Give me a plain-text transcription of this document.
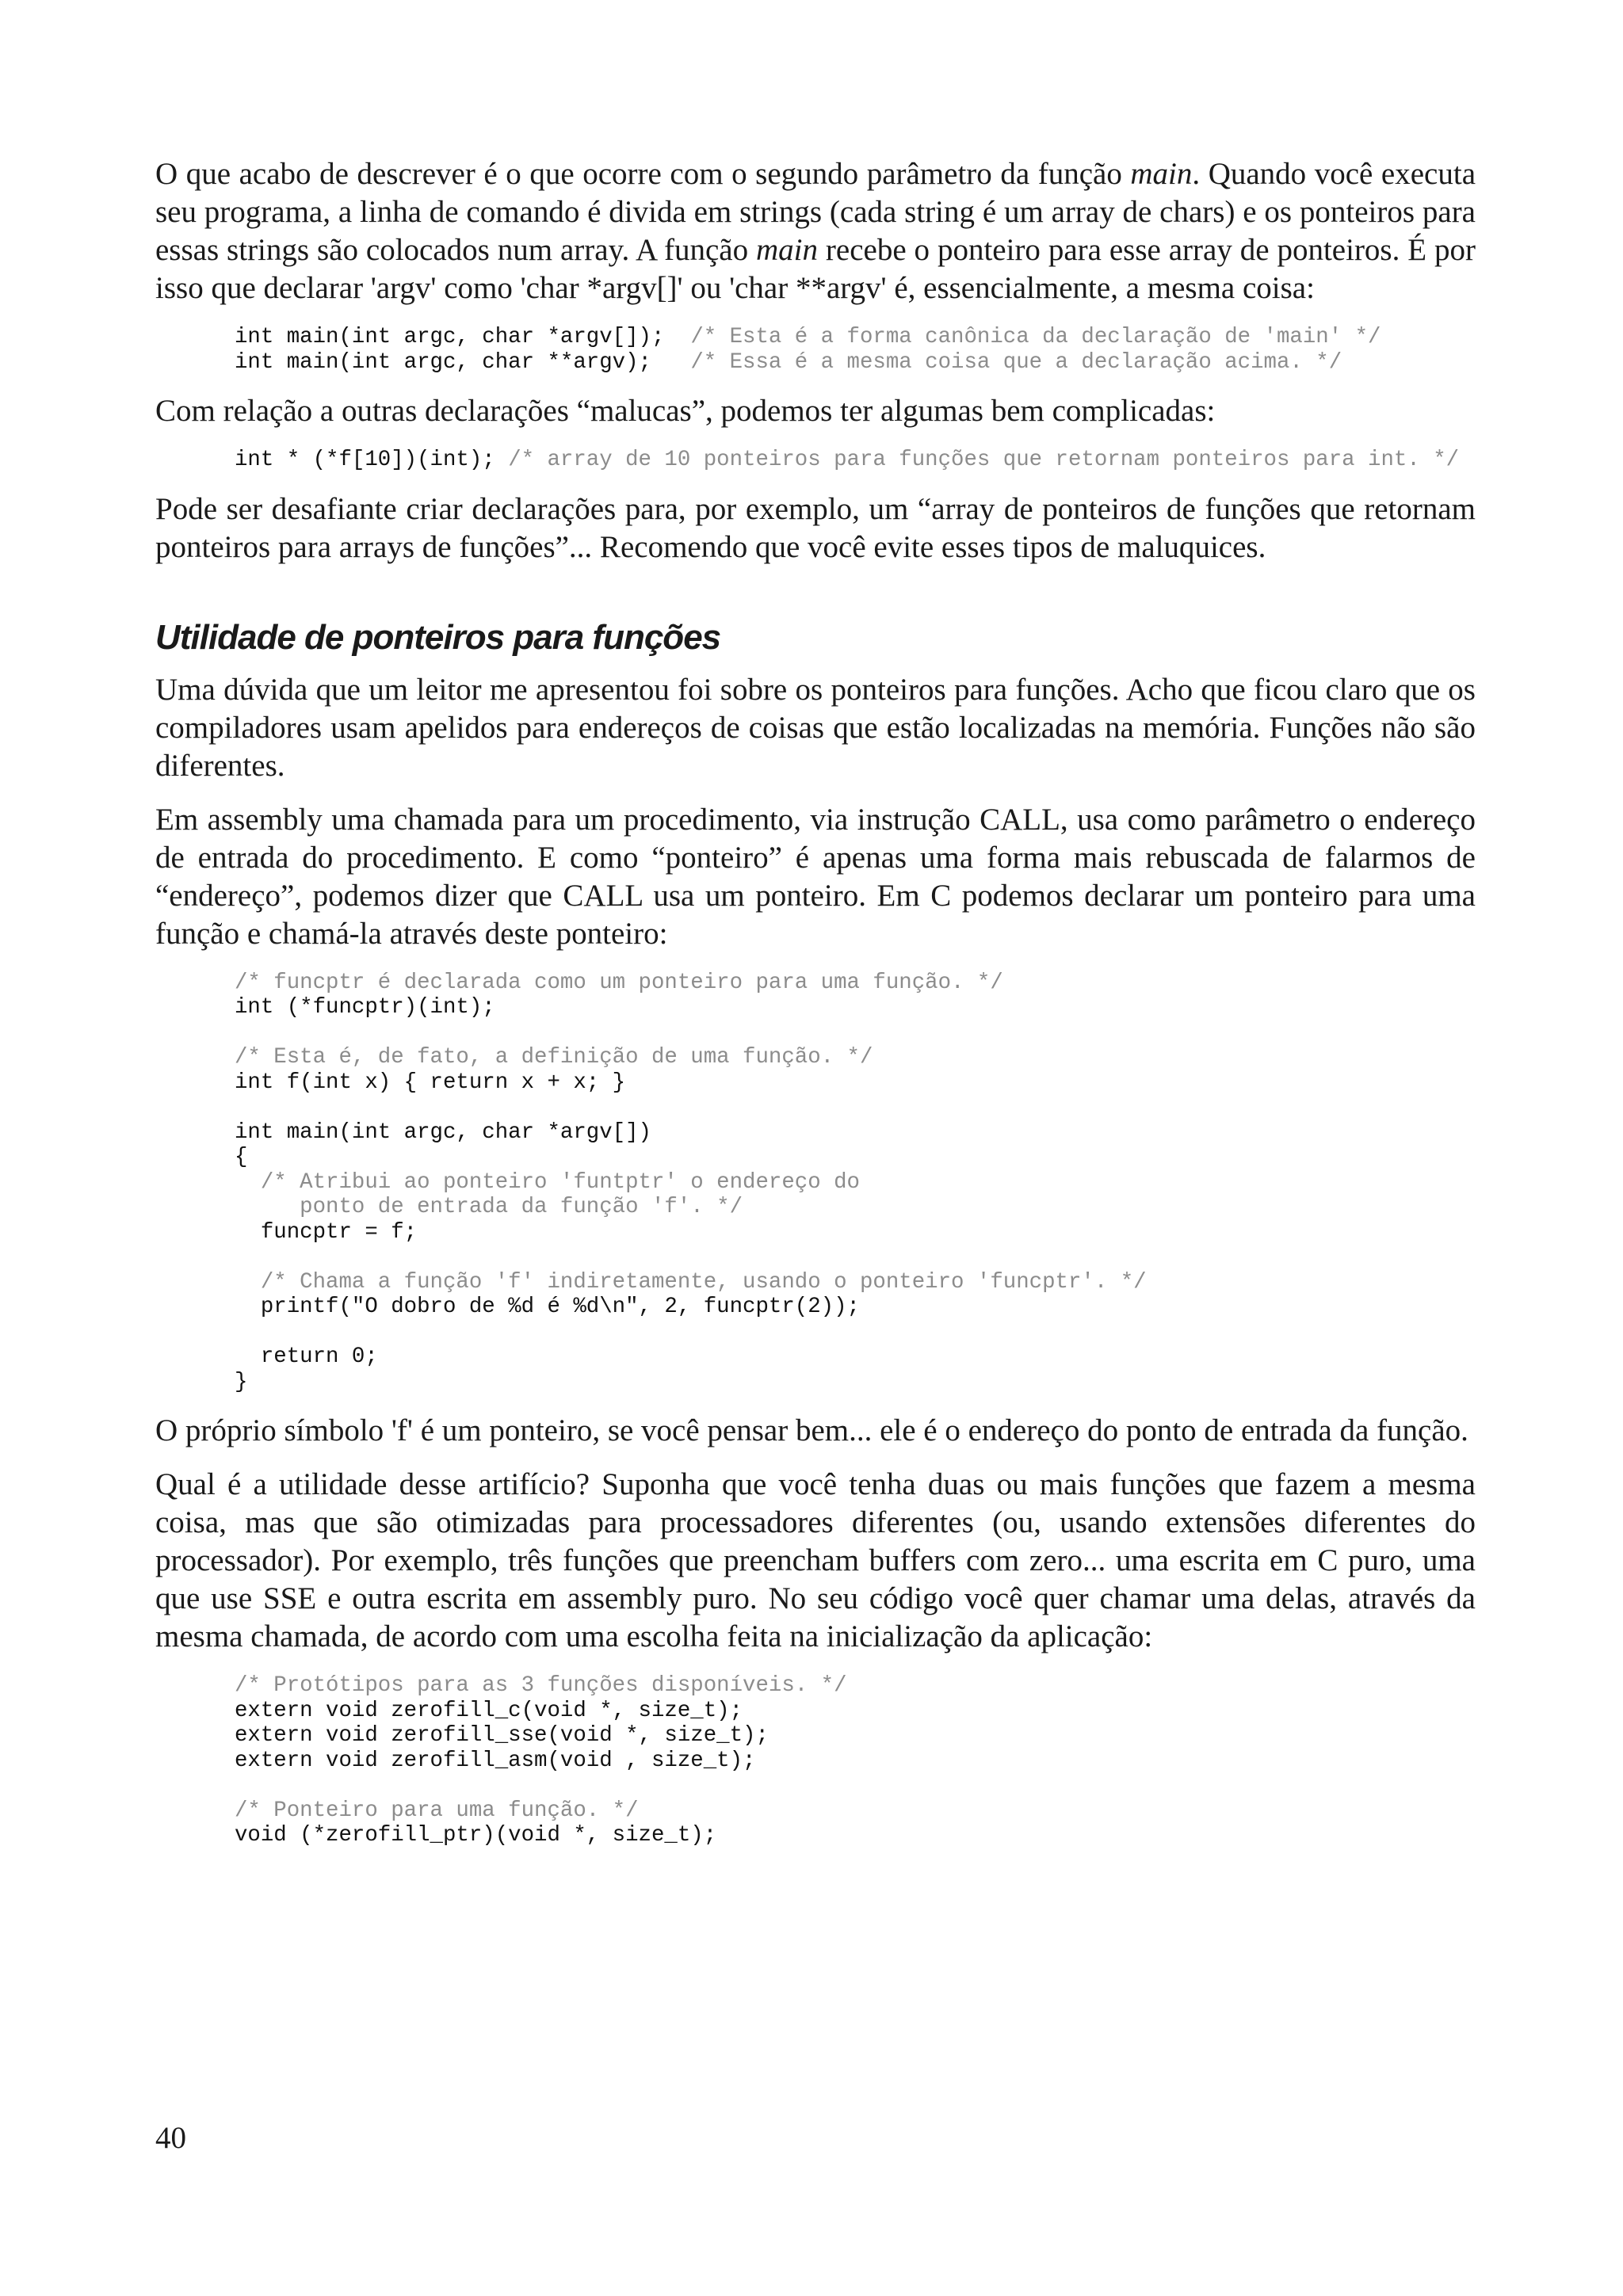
O que acabo de descrever é o que ocorre com o segundo parâmetro da função main. Quando você executa seu programa, a linha de comando é divida em strings (cada string é um array de chars) e os ponteiros para essas strings são colocados num array. A função main recebe o ponteiro para esse array de ponteiros. É por isso que declarar 'argv' como 'char *argv[]' ou 'char **argv' é, essencialmente, a mesma coisa:

int main(int argc, char *argv[]);  /* Esta é a forma canônica da declaração de 'main' */
int main(int argc, char **argv);   /* Essa é a mesma coisa que a declaração acima. */

Com relação a outras declarações “malucas”, podemos ter algumas bem complicadas:

int * (*f[10])(int); /* array de 10 ponteiros para funções que retornam ponteiros para int. */

Pode ser desafiante criar declarações para, por exemplo, um “array de ponteiros de funções que retornam ponteiros para arrays de funções”... Recomendo que você evite esses tipos de maluquices.

Utilidade de ponteiros para funções

Uma dúvida que um leitor me apresentou foi sobre os ponteiros para funções. Acho que ficou claro que os compiladores usam apelidos para endereços de coisas que estão localizadas na memória. Funções não são diferentes.

Em assembly uma chamada para um procedimento, via instrução CALL, usa como parâmetro o endereço de entrada do procedimento. E como “ponteiro” é apenas uma forma mais rebuscada de falarmos de “endereço”, podemos dizer que CALL usa um ponteiro. Em C podemos declarar um ponteiro para uma função e chamá-la através deste ponteiro:

/* funcptr é declarada como um ponteiro para uma função. */
int (*funcptr)(int);
/* Esta é, de fato, a definição de uma função. */
int f(int x) { return x + x; }
int main(int argc, char *argv[])
{
/* Atribui ao ponteiro 'funtptr' o endereço do
ponto de entrada da função 'f'. */
funcptr = f;
/* Chama a função 'f' indiretamente, usando o ponteiro 'funcptr'. */
printf("O dobro de %d é %d\n", 2, funcptr(2));
return 0;
}

O próprio símbolo 'f' é um ponteiro, se você pensar bem... ele é o endereço do ponto de entrada da função.

Qual é a utilidade desse artifício? Suponha que você tenha duas ou mais funções que fazem a mesma coisa, mas que são otimizadas para processadores diferentes (ou, usando extensões diferentes do processador). Por exemplo, três funções que preencham buffers com zero... uma escrita em C puro, uma que use SSE e outra escrita em assembly puro. No seu código você quer chamar uma delas, através da mesma chamada, de acordo com uma escolha feita na inicialização da aplicação:

/* Protótipos para as 3 funções disponíveis. */
extern void zerofill_c(void *, size_t);
extern void zerofill_sse(void *, size_t);
extern void zerofill_asm(void , size_t);
/* Ponteiro para uma função. */
void (*zerofill_ptr)(void *, size_t);
40
